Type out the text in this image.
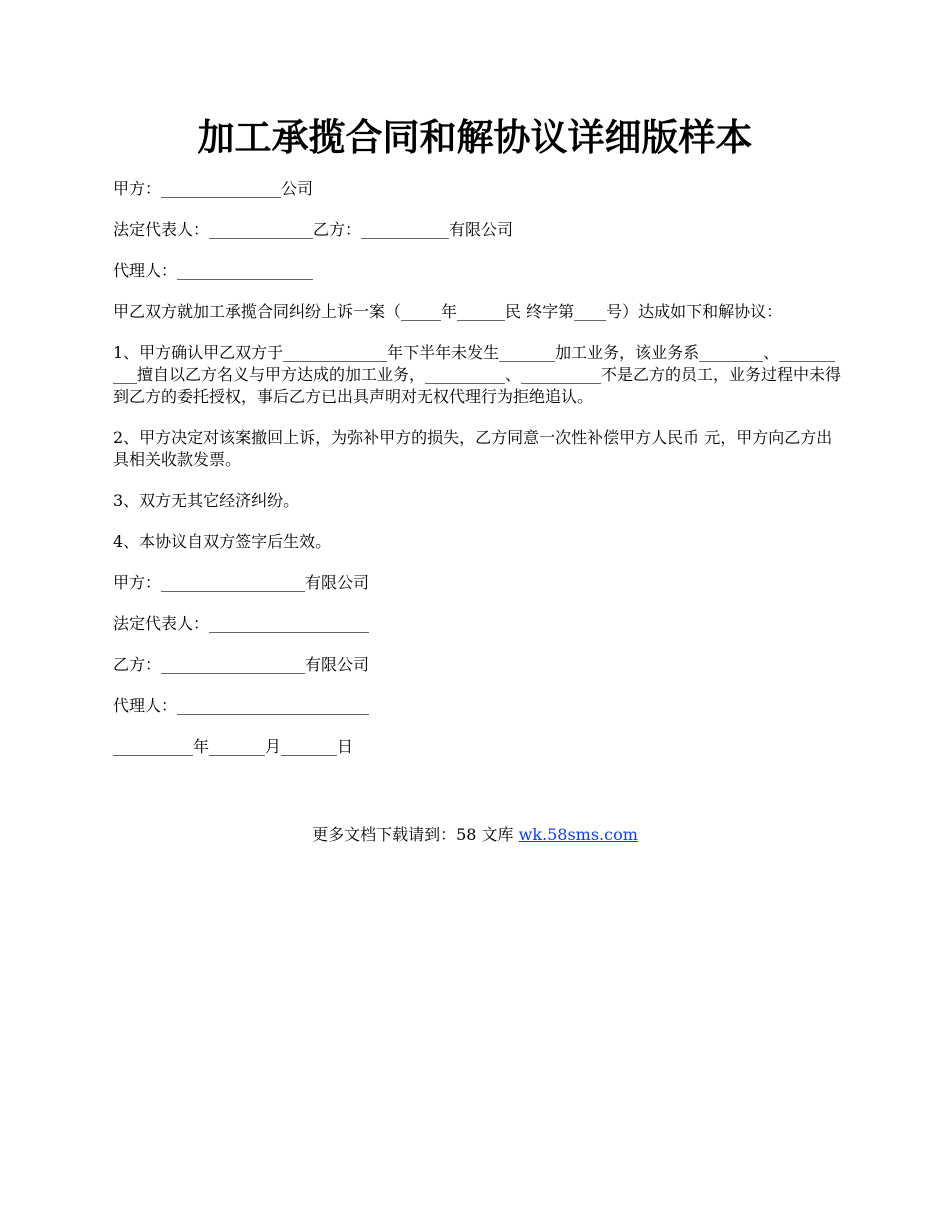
加工承揽合同和解协议详细版样本

甲方：_______________公司

法定代表人：_____________乙方：___________有限公司

代理人：_________________

甲乙双方就加工承揽合同纠纷上诉一案（_____年______民 终字第____号）达成如下和解协议：

1、甲方确认甲乙双方于_____________年下半年未发生_______加工业务，该业务系________、__________擅自以乙方名义与甲方达成的加工业务，__________、__________不是乙方的员工，业务过程中未得到乙方的委托授权，事后乙方已出具声明对无权代理行为拒绝追认。

2、甲方决定对该案撤回上诉，为弥补甲方的损失，乙方同意一次性补偿甲方人民币 元，甲方向乙方出具相关收款发票。

3、双方无其它经济纠纷。

4、本协议自双方签字后生效。

甲方：__________________有限公司

法定代表人：____________________

乙方：__________________有限公司

代理人：________________________

__________年_______月_______日

更多文档下载请到：58 文库 wk.58sms.com
